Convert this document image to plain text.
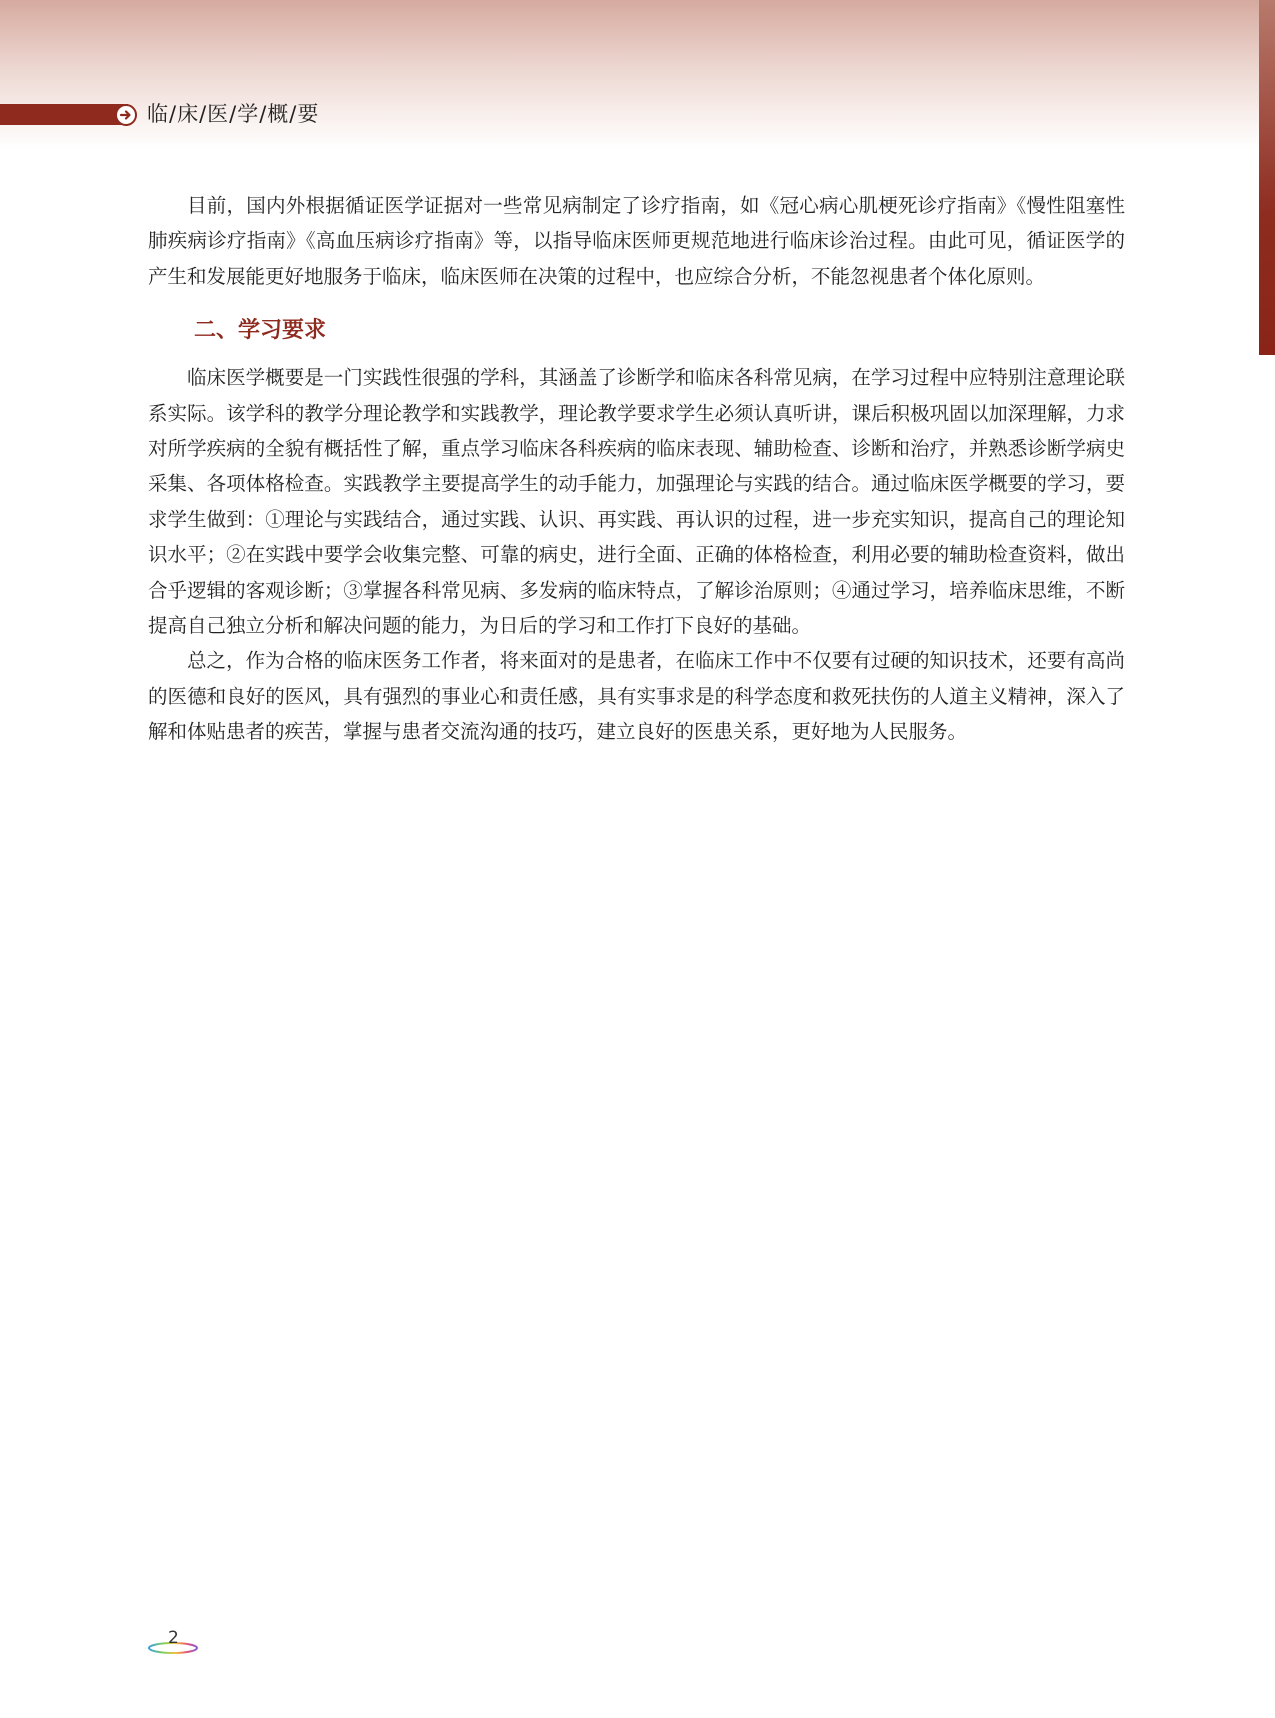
临/床/医/学/概/要

目前，国内外根据循证医学证据对一些常见病制定了诊疗指南，如《冠心病心肌梗死诊疗指南》《慢性阻塞性肺疾病诊疗指南》《高血压病诊疗指南》等，以指导临床医师更规范地进行临床诊治过程。由此可见，循证医学的产生和发展能更好地服务于临床，临床医师在决策的过程中，也应综合分析，不能忽视患者个体化原则。

二、学习要求

临床医学概要是一门实践性很强的学科，其涵盖了诊断学和临床各科常见病，在学习过程中应特别注意理论联系实际。该学科的教学分理论教学和实践教学，理论教学要求学生必须认真听讲，课后积极巩固以加深理解，力求对所学疾病的全貌有概括性了解，重点学习临床各科疾病的临床表现、辅助检查、诊断和治疗，并熟悉诊断学病史采集、各项体格检查。实践教学主要提高学生的动手能力，加强理论与实践的结合。通过临床医学概要的学习，要求学生做到：①理论与实践结合，通过实践、认识、再实践、再认识的过程，进一步充实知识，提高自己的理论知识水平；②在实践中要学会收集完整、可靠的病史，进行全面、正确的体格检查，利用必要的辅助检查资料，做出合乎逻辑的客观诊断；③掌握各科常见病、多发病的临床特点，了解诊治原则；④通过学习，培养临床思维，不断提高自己独立分析和解决问题的能力，为日后的学习和工作打下良好的基础。

总之，作为合格的临床医务工作者，将来面对的是患者，在临床工作中不仅要有过硬的知识技术，还要有高尚的医德和良好的医风，具有强烈的事业心和责任感，具有实事求是的科学态度和救死扶伤的人道主义精神，深入了解和体贴患者的疾苦，掌握与患者交流沟通的技巧，建立良好的医患关系，更好地为人民服务。

2
